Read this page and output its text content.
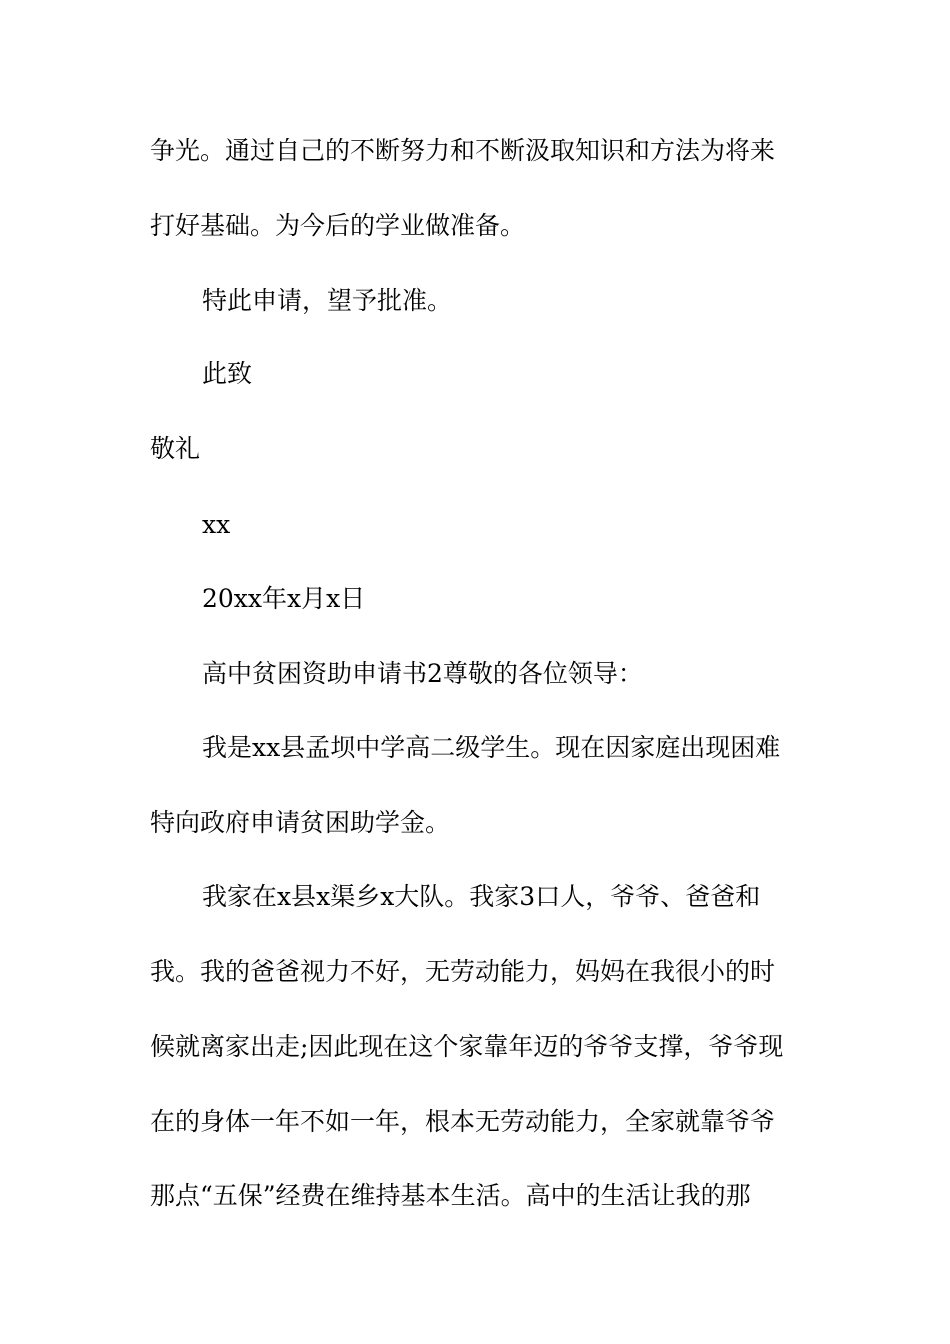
争光。通过自己的不断努力和不断汲取知识和方法为将来
打好基础。为今后的学业做准备。
特此申请，望予批准。
此致
敬礼
xx
20xx年x月x日
高中贫困资助申请书2尊敬的各位领导：
我是xx县孟坝中学高二级学生。现在因家庭出现困难
特向政府申请贫困助学金。
我家在x县x渠乡x大队。我家3口人，爷爷、爸爸和
我。我的爸爸视力不好，无劳动能力，妈妈在我很小的时
候就离家出走;因此现在这个家靠年迈的爷爷支撑，爷爷现
在的身体一年不如一年，根本无劳动能力，全家就靠爷爷
那点“五保”经费在维持基本生活。高中的生活让我的那
